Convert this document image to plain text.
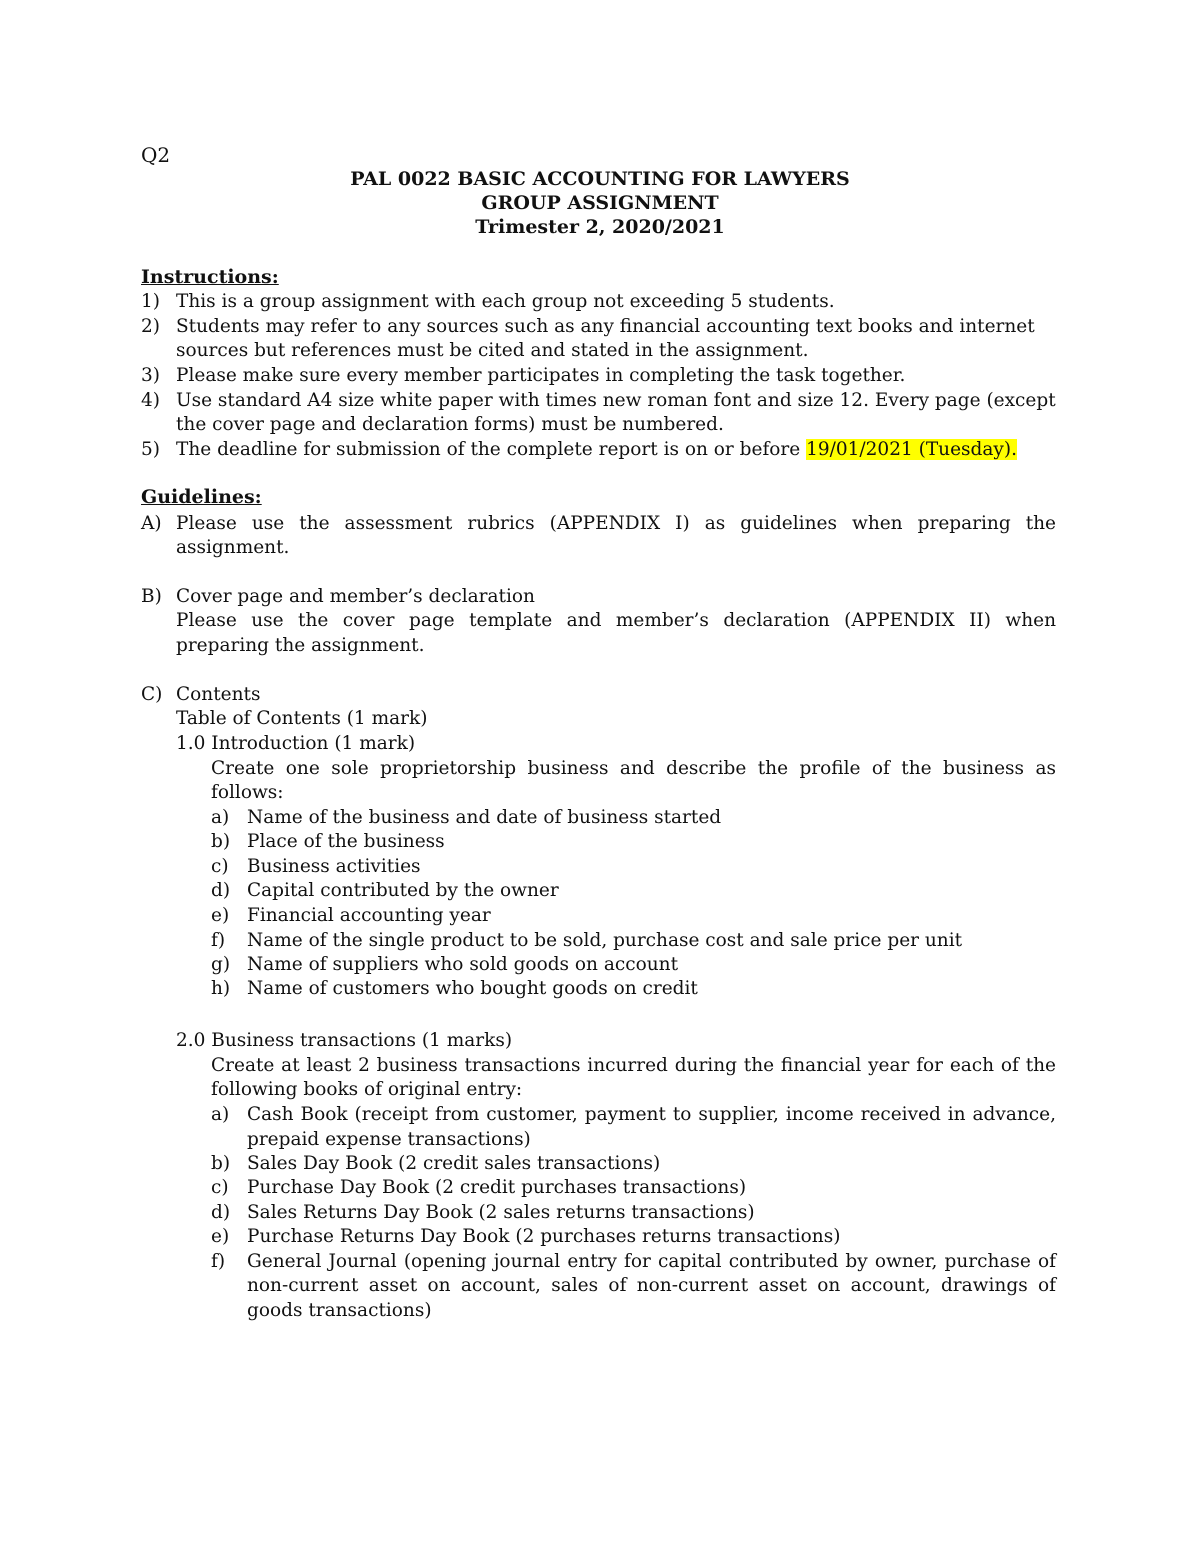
Q2
PAL 0022 BASIC ACCOUNTING FOR LAWYERS
GROUP ASSIGNMENT
Trimester 2, 2020/2021
Instructions:
1) This is a group assignment with each group not exceeding 5 students.
2) Students may refer to any sources such as any financial accounting text books and internet
sources but references must be cited and stated in the assignment.
3) Please make sure every member participates in completing the task together.
4) Use standard A4 size white paper with times new roman font and size 12. Every page (except
the cover page and declaration forms) must be numbered.
5) The deadline for submission of the complete report is on or before 19/01/2021 (Tuesday).
Guidelines:
A) Please use the assessment rubrics (APPENDIX I) as guidelines when preparing the
assignment.
B) Cover page and member’s declaration
Please use the cover page template and member’s declaration (APPENDIX II) when
preparing the assignment.
C) Contents
Table of Contents (1 mark)
1.0 Introduction (1 mark)
Create one sole proprietorship business and describe the profile of the business as
follows:
a) Name of the business and date of business started
b) Place of the business
c) Business activities
d) Capital contributed by the owner
e) Financial accounting year
f) Name of the single product to be sold, purchase cost and sale price per unit
g) Name of suppliers who sold goods on account
h) Name of customers who bought goods on credit
2.0 Business transactions (1 marks)
Create at least 2 business transactions incurred during the financial year for each of the
following books of original entry:
a) Cash Book (receipt from customer, payment to supplier, income received in advance,
prepaid expense transactions)
b) Sales Day Book (2 credit sales transactions)
c) Purchase Day Book (2 credit purchases transactions)
d) Sales Returns Day Book (2 sales returns transactions)
e) Purchase Returns Day Book (2 purchases returns transactions)
f) General Journal (opening journal entry for capital contributed by owner, purchase of
non-current asset on account, sales of non-current asset on account, drawings of
goods transactions)
